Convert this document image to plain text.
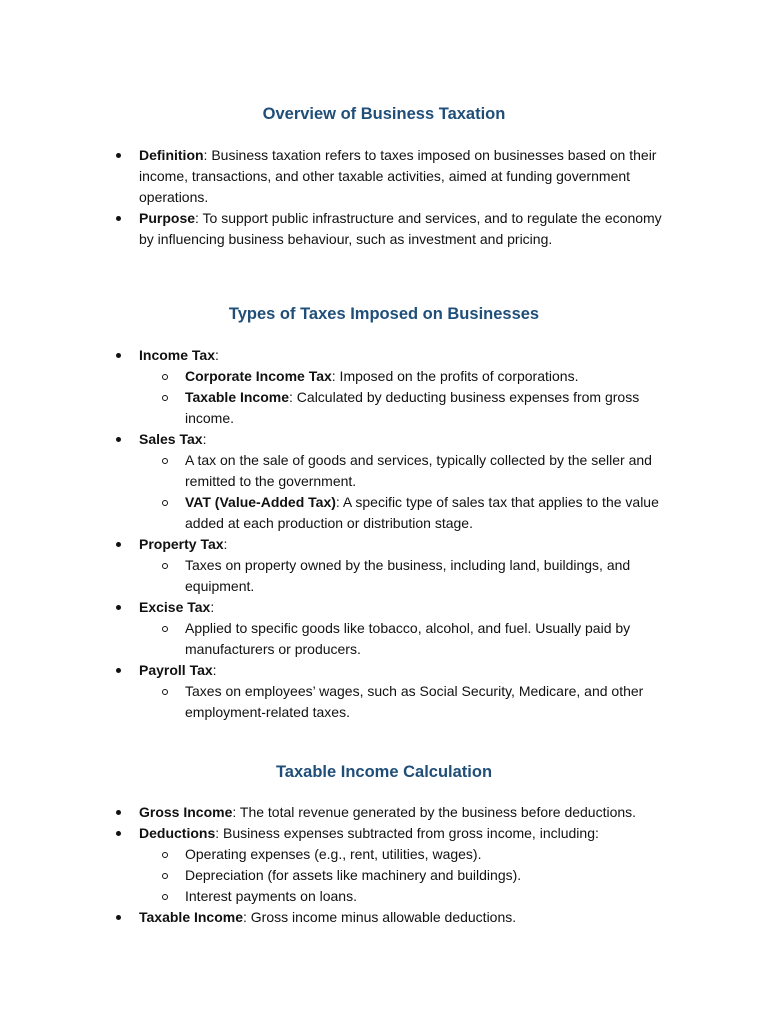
Overview of Business Taxation
Definition: Business taxation refers to taxes imposed on businesses based on their income, transactions, and other taxable activities, aimed at funding government operations.
Purpose: To support public infrastructure and services, and to regulate the economy by influencing business behaviour, such as investment and pricing.
Types of Taxes Imposed on Businesses
Income Tax:
Corporate Income Tax: Imposed on the profits of corporations.
Taxable Income: Calculated by deducting business expenses from gross income.
Sales Tax:
A tax on the sale of goods and services, typically collected by the seller and remitted to the government.
VAT (Value-Added Tax): A specific type of sales tax that applies to the value added at each production or distribution stage.
Property Tax:
Taxes on property owned by the business, including land, buildings, and equipment.
Excise Tax:
Applied to specific goods like tobacco, alcohol, and fuel. Usually paid by manufacturers or producers.
Payroll Tax:
Taxes on employees’ wages, such as Social Security, Medicare, and other employment-related taxes.
Taxable Income Calculation
Gross Income: The total revenue generated by the business before deductions.
Deductions: Business expenses subtracted from gross income, including:
Operating expenses (e.g., rent, utilities, wages).
Depreciation (for assets like machinery and buildings).
Interest payments on loans.
Taxable Income: Gross income minus allowable deductions.
